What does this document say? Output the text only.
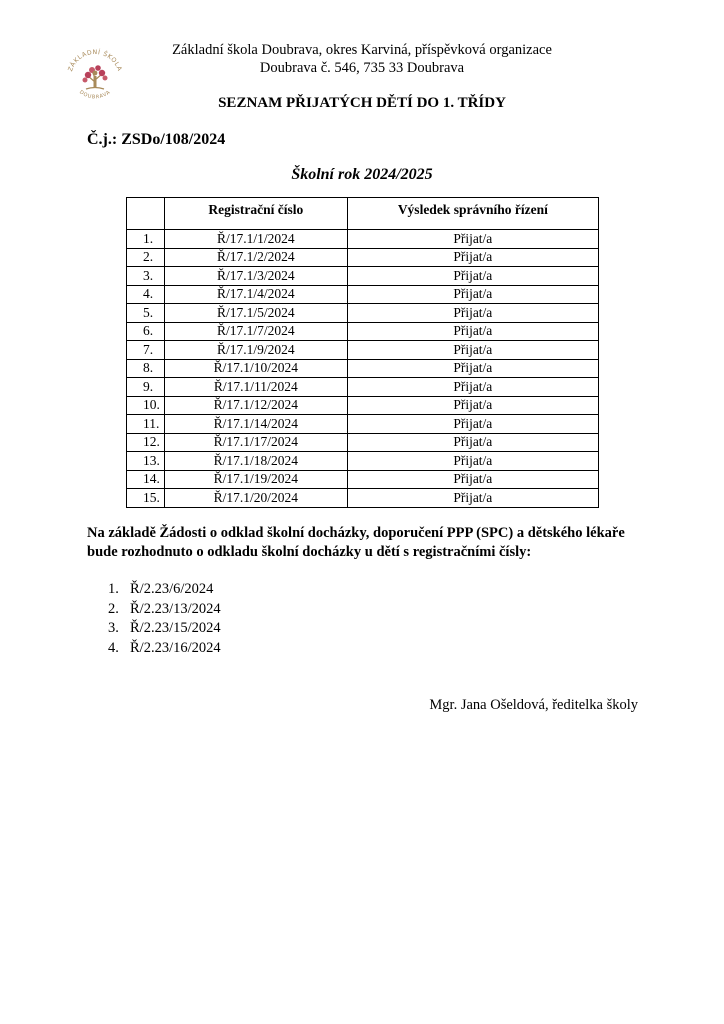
ZÁKLADNÍ ŠKOLA
DOUBRAVA
Základní škola Doubrava, okres Karviná, příspěvková organizace
Doubrava č. 546, 735 33 Doubrava
SEZNAM PŘIJATÝCH DĚTÍ DO 1. TŘÍDY
Č.j.: ZSDo/108/2024
Školní rok 2024/2025
	Registrační číslo	Výsledek správního řízení
1.	Ř/17.1/1/2024	Přijat/a
2.	Ř/17.1/2/2024	Přijat/a
3.	Ř/17.1/3/2024	Přijat/a
4.	Ř/17.1/4/2024	Přijat/a
5.	Ř/17.1/5/2024	Přijat/a
6.	Ř/17.1/7/2024	Přijat/a
7.	Ř/17.1/9/2024	Přijat/a
8.	Ř/17.1/10/2024	Přijat/a
9.	Ř/17.1/11/2024	Přijat/a
10.	Ř/17.1/12/2024	Přijat/a
11.	Ř/17.1/14/2024	Přijat/a
12.	Ř/17.1/17/2024	Přijat/a
13.	Ř/17.1/18/2024	Přijat/a
14.	Ř/17.1/19/2024	Přijat/a
15.	Ř/17.1/20/2024	Přijat/a
Na základě Žádosti o odklad školní docházky, doporučení PPP (SPC) a dětského lékaře bude rozhodnuto o odkladu školní docházky u dětí s registračními čísly:
1. Ř/2.23/6/2024
2. Ř/2.23/13/2024
3. Ř/2.23/15/2024
4. Ř/2.23/16/2024
Mgr. Jana Ošeldová, ředitelka školy
